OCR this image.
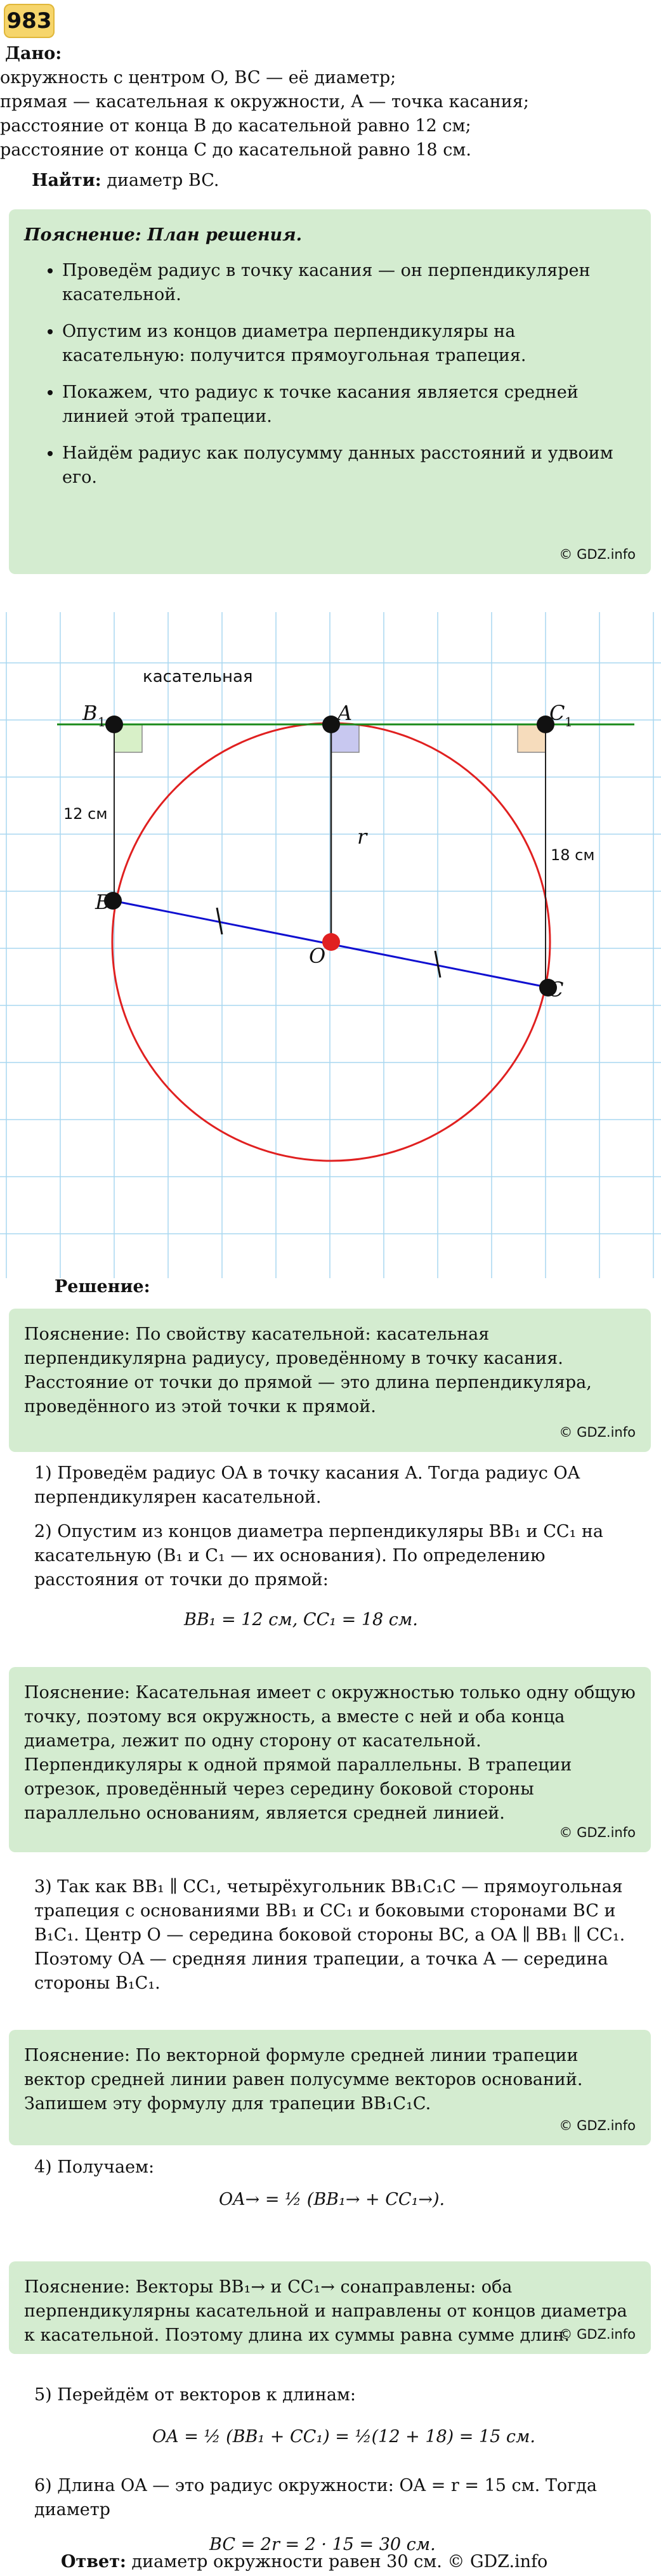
983
Дано:
окружность с центром O, BC — её диаметр;
прямая — касательная к окружности, A — точка касания;
расстояние от конца B до касательной равно 12 см;
расстояние от конца C до касательной равно 18 см.
Найти: диаметр BC.
Пояснение: План решения.
• Проведём радиус в точку касания — он перпендикулярен касательной.
• Опустим из концов диаметра перпендикуляры на касательную: получится прямоугольная трапеция.
• Покажем, что радиус к точке касания является средней линией этой трапеции.
• Найдём радиус как полусумму данных расстояний и удвоим его.
© GDZ.info
касательная
B 1	A	C 1
B
C
O
r
12 см
18 см
Решение:
Пояснение: По свойству касательной: касательная перпендикулярна радиусу, проведённому в точку касания. Расстояние от точки до прямой — это длина перпендикуляра, проведённого из этой точки к прямой.
© GDZ.info
1) Проведём радиус OA в точку касания A. Тогда радиус OA перпендикулярен касательной.
2) Опустим из концов диаметра перпендикуляры BB₁ и CC₁ на касательную (B₁ и C₁ — их основания). По определению расстояния от точки до прямой:
BB₁ = 12 см, CC₁ = 18 см.
Пояснение: Касательная имеет с окружностью только одну общую точку, поэтому вся окружность, а вместе с ней и оба конца диаметра, лежит по одну сторону от касательной. Перпендикуляры к одной прямой параллельны. В трапеции отрезок, проведённый через середину боковой стороны параллельно основаниям, является средней линией.
© GDZ.info
3) Так как BB₁ ∥ CC₁, четырёхугольник BB₁C₁C — прямоугольная трапеция с основаниями BB₁ и CC₁ и боковыми сторонами BC и B₁C₁. Центр O — середина боковой стороны BC, а OA ∥ BB₁ ∥ CC₁. Поэтому OA — средняя линия трапеции, а точка A — середина стороны B₁C₁.
Пояснение: По векторной формуле средней линии трапеции вектор средней линии равен полусумме векторов оснований. Запишем эту формулу для трапеции BB₁C₁C.
© GDZ.info
4) Получаем:
OA→ = ½ (BB₁→ + CC₁→).
Пояснение: Векторы BB₁→ и CC₁→ сонаправлены: оба перпендикулярны касательной и направлены от концов диаметра к касательной. Поэтому длина их суммы равна сумме длин.
© GDZ.info
5) Перейдём от векторов к длинам:
OA = ½ (BB₁ + CC₁) = ½(12 + 18) = 15 см.
6) Длина OA — это радиус окружности: OA = r = 15 см. Тогда диаметр
BC = 2r = 2 · 15 = 30 см.
Ответ: диаметр окружности равен 30 см. © GDZ.info
